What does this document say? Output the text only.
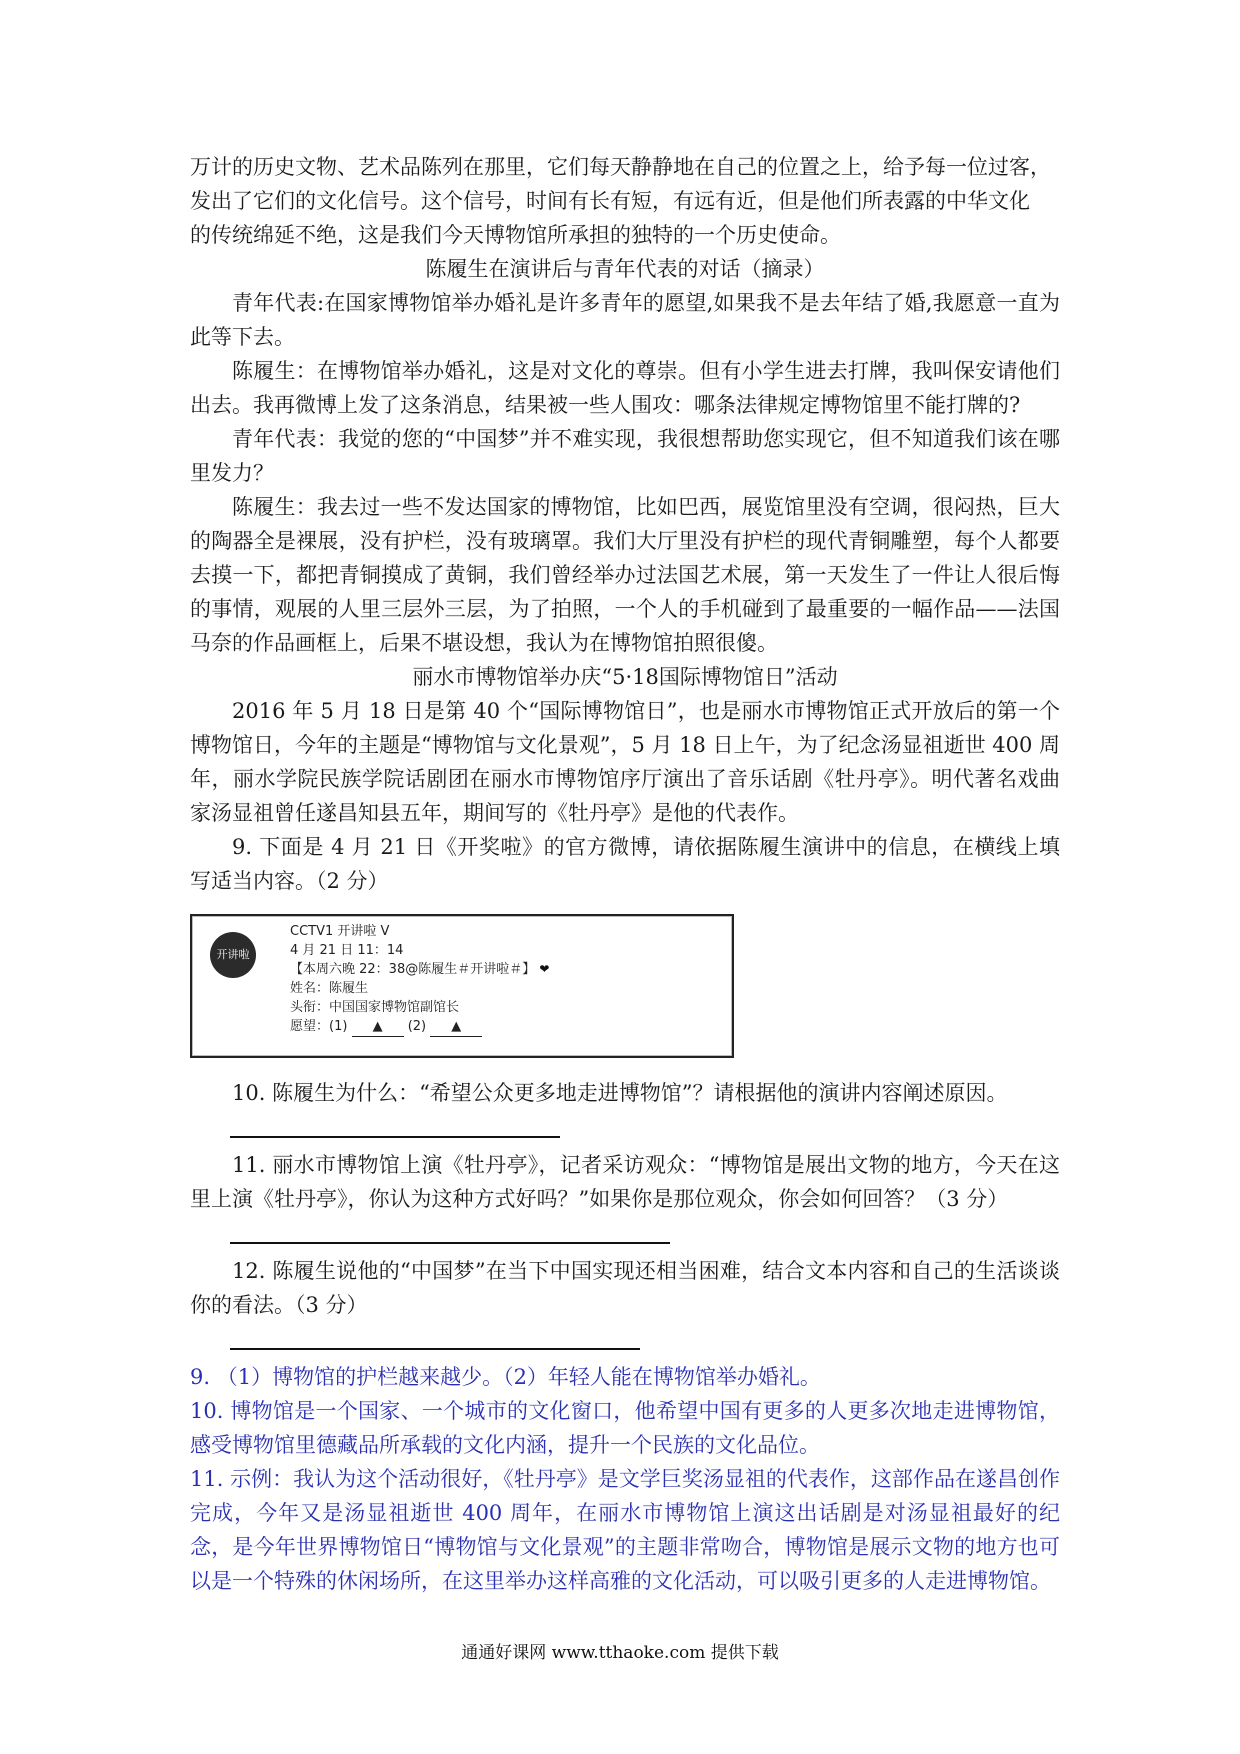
万计的历史文物、艺术品陈列在那里，它们每天静静地在自己的位置之上，给予每一位过客，

发出了它们的文化信号。这个信号，时间有长有短，有远有近，但是他们所表露的中华文化

的传统绵延不绝，这是我们今天博物馆所承担的独特的一个历史使命。

陈履生在演讲后与青年代表的对话（摘录）

青年代表:在国家博物馆举办婚礼是许多青年的愿望,如果我不是去年结了婚,我愿意一直为此等下去。

陈履生：在博物馆举办婚礼，这是对文化的尊崇。但有小学生进去打牌，我叫保安请他们出去。我再微博上发了这条消息，结果被一些人围攻：哪条法律规定博物馆里不能打牌的?

青年代表：我觉的您的“中国梦”并不难实现，我很想帮助您实现它，但不知道我们该在哪里发力？

陈履生：我去过一些不发达国家的博物馆，比如巴西，展览馆里没有空调，很闷热，巨大的陶器全是裸展，没有护栏，没有玻璃罩。我们大厅里没有护栏的现代青铜雕塑，每个人都要去摸一下，都把青铜摸成了黄铜，我们曾经举办过法国艺术展，第一天发生了一件让人很后悔的事情，观展的人里三层外三层，为了拍照，一个人的手机碰到了最重要的一幅作品——法国马奈的作品画框上，后果不堪设想，我认为在博物馆拍照很傻。

丽水市博物馆举办庆“5·18国际博物馆日”活动

2016 年 5 月 18 日是第 40 个“国际博物馆日”，也是丽水市博物馆正式开放后的第一个博物馆日，今年的主题是“博物馆与文化景观”，5 月 18 日上午，为了纪念汤显祖逝世 400 周年，丽水学院民族学院话剧团在丽水市博物馆序厅演出了音乐话剧《牡丹亭》。明代著名戏曲家汤显祖曾任遂昌知县五年，期间写的《牡丹亭》是他的代表作。

9. 下面是 4 月 21 日《开奖啦》的官方微博，请依据陈履生演讲中的信息，在横线上填写适当内容。（2 分）

开讲啦
CCTV1 开讲啦 V
4 月 21 日 11：14
【本周六晚 22：38@陈履生＃开讲啦＃】 ❤
姓名：陈履生
头衔：中国国家博物馆副馆长
愿望：(1) ▲ (2) ▲

10. 陈履生为什么：“希望公众更多地走进博物馆”？请根据他的演讲内容阐述原因。

11. 丽水市博物馆上演《牡丹亭》，记者采访观众：“博物馆是展出文物的地方，今天在这里上演《牡丹亭》，你认为这种方式好吗？”如果你是那位观众，你会如何回答？（3 分）

12. 陈履生说他的“中国梦”在当下中国实现还相当困难，结合文本内容和自己的生活谈谈你的看法。（3 分）

9. （1）博物馆的护栏越来越少。（2）年轻人能在博物馆举办婚礼。

10. 博物馆是一个国家、一个城市的文化窗口，他希望中国有更多的人更多次地走进博物馆，感受博物馆里德藏品所承载的文化内涵，提升一个民族的文化品位。

11. 示例：我认为这个活动很好，《牡丹亭》是文学巨奖汤显祖的代表作，这部作品在遂昌创作完成，今年又是汤显祖逝世 400 周年，在丽水市博物馆上演这出话剧是对汤显祖最好的纪念，是今年世界博物馆日“博物馆与文化景观”的主题非常吻合，博物馆是展示文物的地方也可以是一个特殊的休闲场所，在这里举办这样高雅的文化活动，可以吸引更多的人走进博物馆。

通通好课网 www.tthaoke.com 提供下载
